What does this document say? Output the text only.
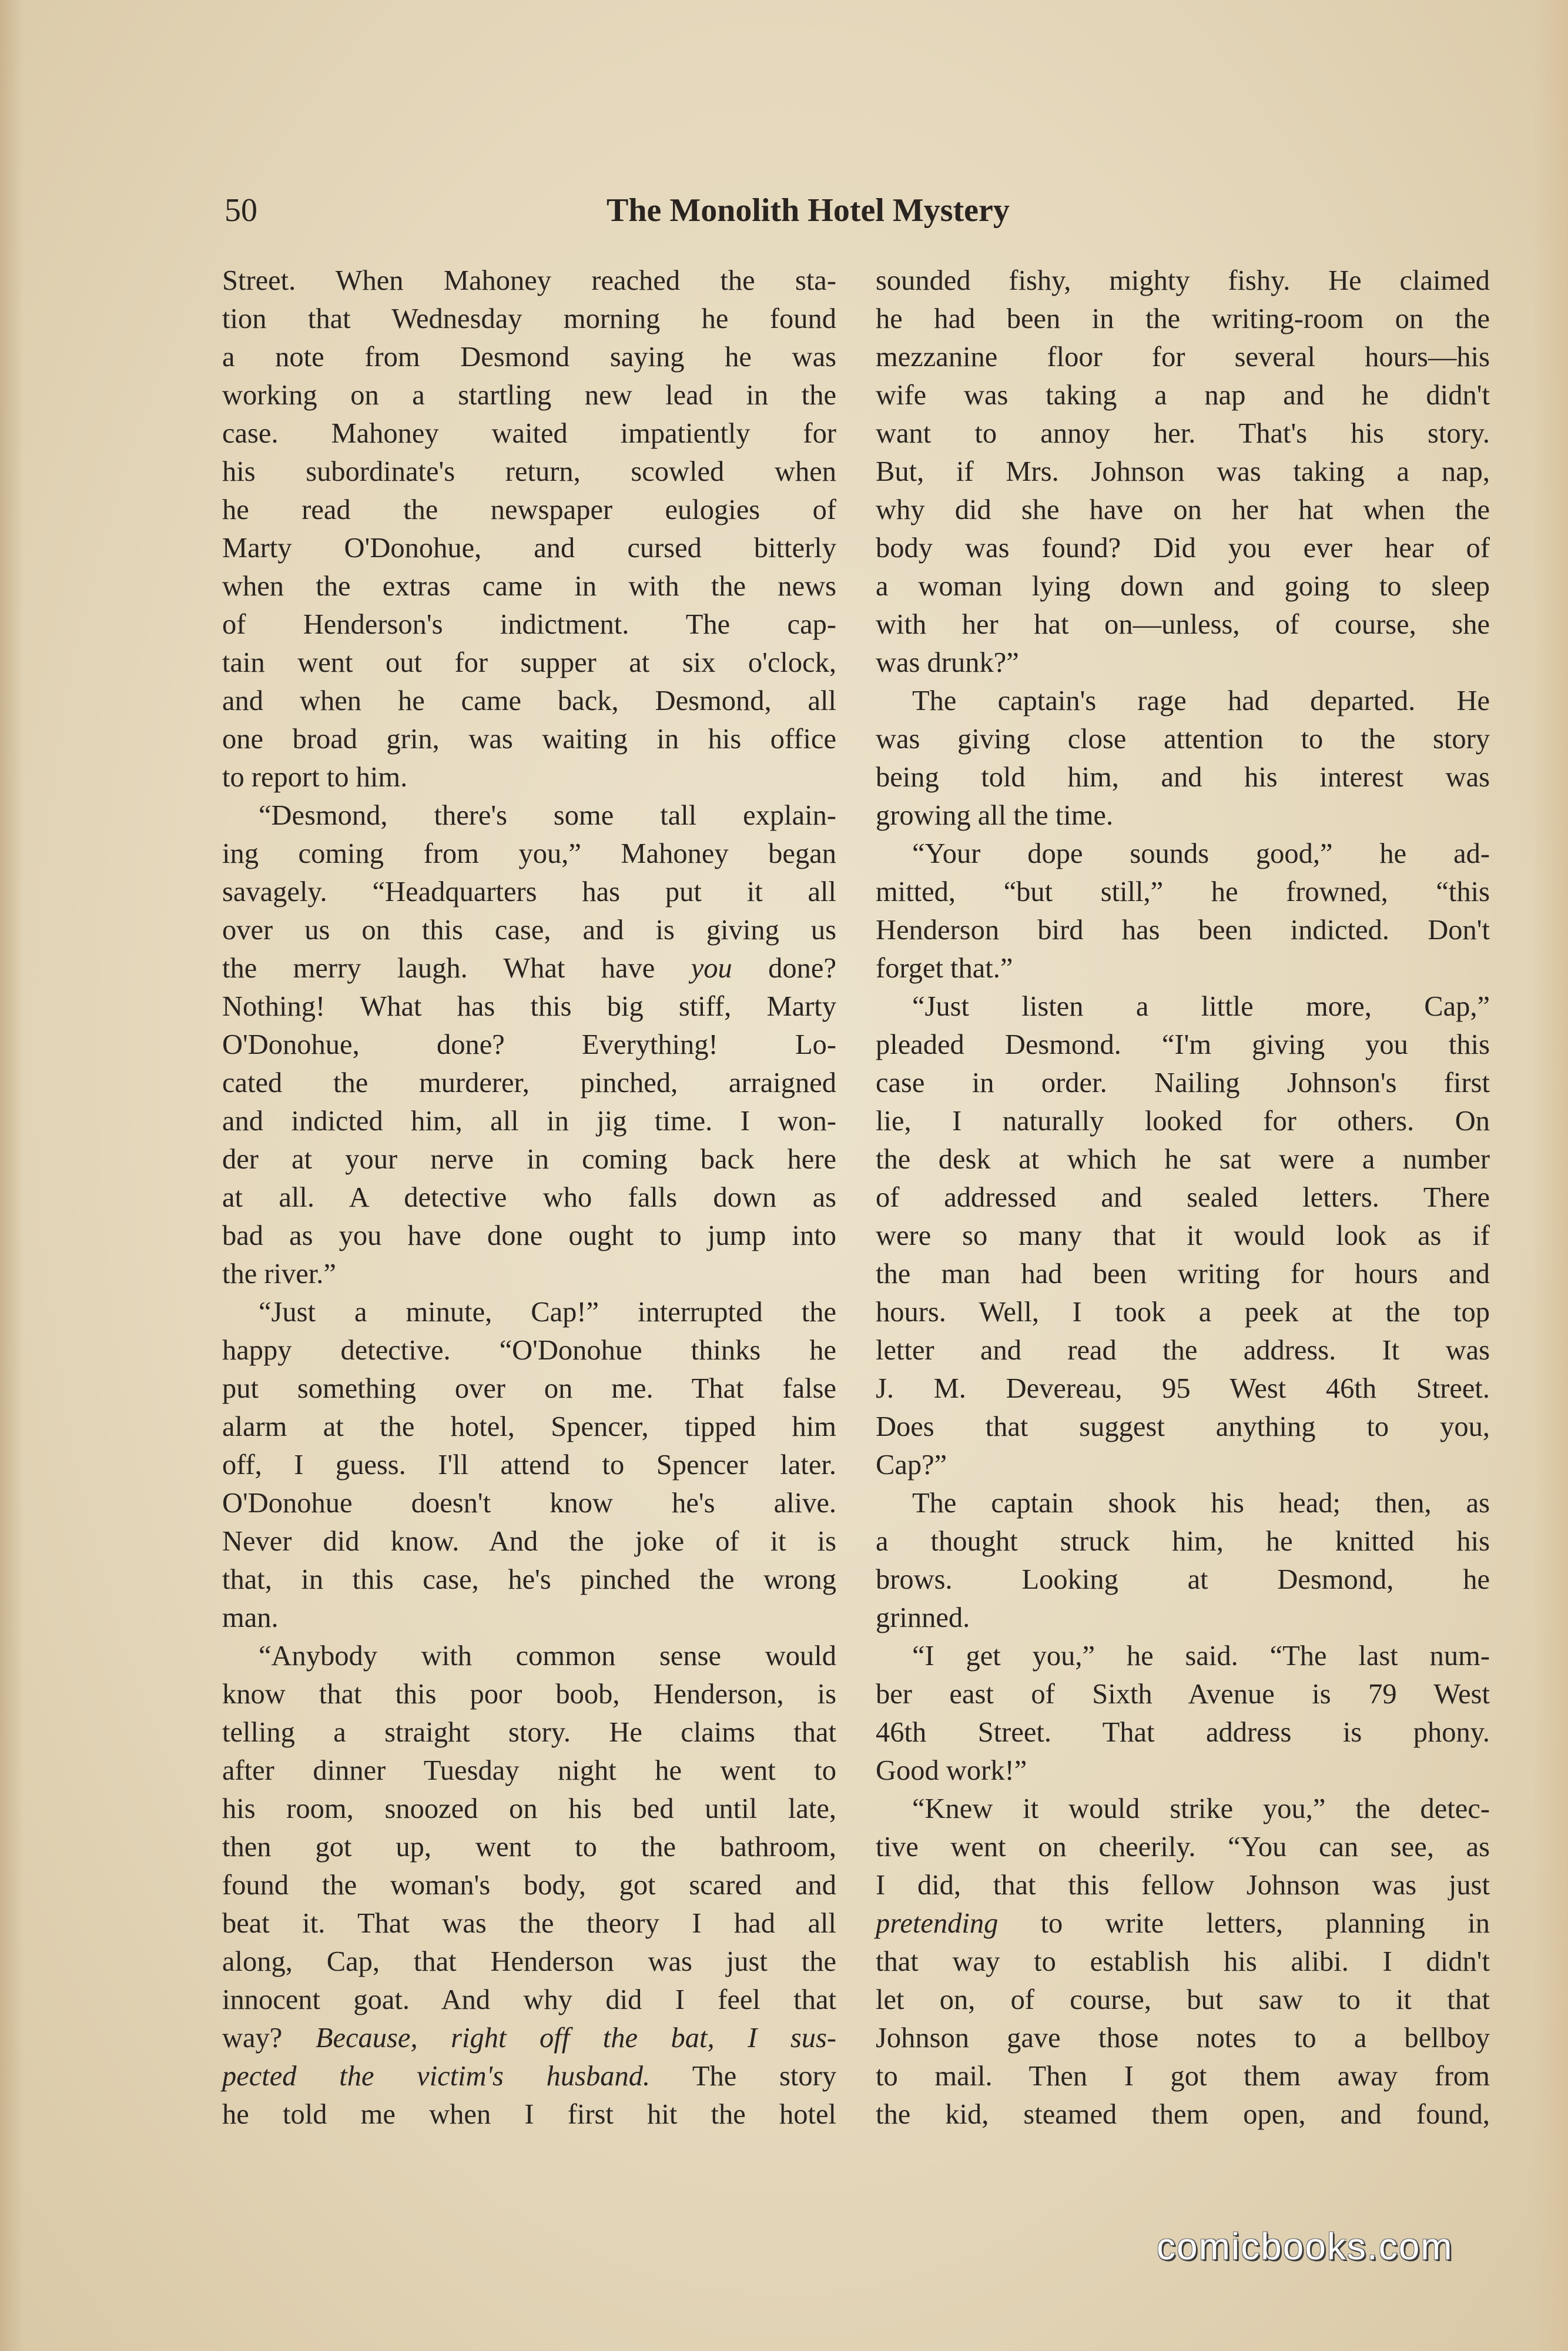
50	The Monolith Hotel Mystery
Street. When Mahoney reached the sta-
tion that Wednesday morning he found
a note from Desmond saying he was
working on a startling new lead in the
case. Mahoney waited impatiently for
his subordinate's return, scowled when
he read the newspaper eulogies of
Marty O'Donohue, and cursed bitterly
when the extras came in with the news
of Henderson's indictment. The cap-
tain went out for supper at six o'clock,
and when he came back, Desmond, all
one broad grin, was waiting in his office
to report to him.
“Desmond, there's some tall explain-
ing coming from you,” Mahoney began
savagely. “Headquarters has put it all
over us on this case, and is giving us
the merry laugh. What have you done?
Nothing! What has this big stiff, Marty
O'Donohue, done? Everything! Lo-
cated the murderer, pinched, arraigned
and indicted him, all in jig time. I won-
der at your nerve in coming back here
at all. A detective who falls down as
bad as you have done ought to jump into
the river.”
“Just a minute, Cap!” interrupted the
happy detective. “O'Donohue thinks he
put something over on me. That false
alarm at the hotel, Spencer, tipped him
off, I guess. I'll attend to Spencer later.
O'Donohue doesn't know he's alive.
Never did know. And the joke of it is
that, in this case, he's pinched the wrong
man.
“Anybody with common sense would
know that this poor boob, Henderson, is
telling a straight story. He claims that
after dinner Tuesday night he went to
his room, snoozed on his bed until late,
then got up, went to the bathroom,
found the woman's body, got scared and
beat it. That was the theory I had all
along, Cap, that Henderson was just the
innocent goat. And why did I feel that
way? Because, right off the bat, I sus-
pected the victim's husband. The story
he told me when I first hit the hotel
sounded fishy, mighty fishy. He claimed
he had been in the writing-room on the
mezzanine floor for several hours—his
wife was taking a nap and he didn't
want to annoy her. That's his story.
But, if Mrs. Johnson was taking a nap,
why did she have on her hat when the
body was found? Did you ever hear of
a woman lying down and going to sleep
with her hat on—unless, of course, she
was drunk?”
The captain's rage had departed. He
was giving close attention to the story
being told him, and his interest was
growing all the time.
“Your dope sounds good,” he ad-
mitted, “but still,” he frowned, “this
Henderson bird has been indicted. Don't
forget that.”
“Just listen a little more, Cap,”
pleaded Desmond. “I'm giving you this
case in order. Nailing Johnson's first
lie, I naturally looked for others. On
the desk at which he sat were a number
of addressed and sealed letters. There
were so many that it would look as if
the man had been writing for hours and
hours. Well, I took a peek at the top
letter and read the address. It was
J. M. Devereau, 95 West 46th Street.
Does that suggest anything to you,
Cap?”
The captain shook his head; then, as
a thought struck him, he knitted his
brows. Looking at Desmond, he
grinned.
“I get you,” he said. “The last num-
ber east of Sixth Avenue is 79 West
46th Street. That address is phony.
Good work!”
“Knew it would strike you,” the detec-
tive went on cheerily. “You can see, as
I did, that this fellow Johnson was just
pretending to write letters, planning in
that way to establish his alibi. I didn't
let on, of course, but saw to it that
Johnson gave those notes to a bellboy
to mail. Then I got them away from
the kid, steamed them open, and found,
comicbooks.com
